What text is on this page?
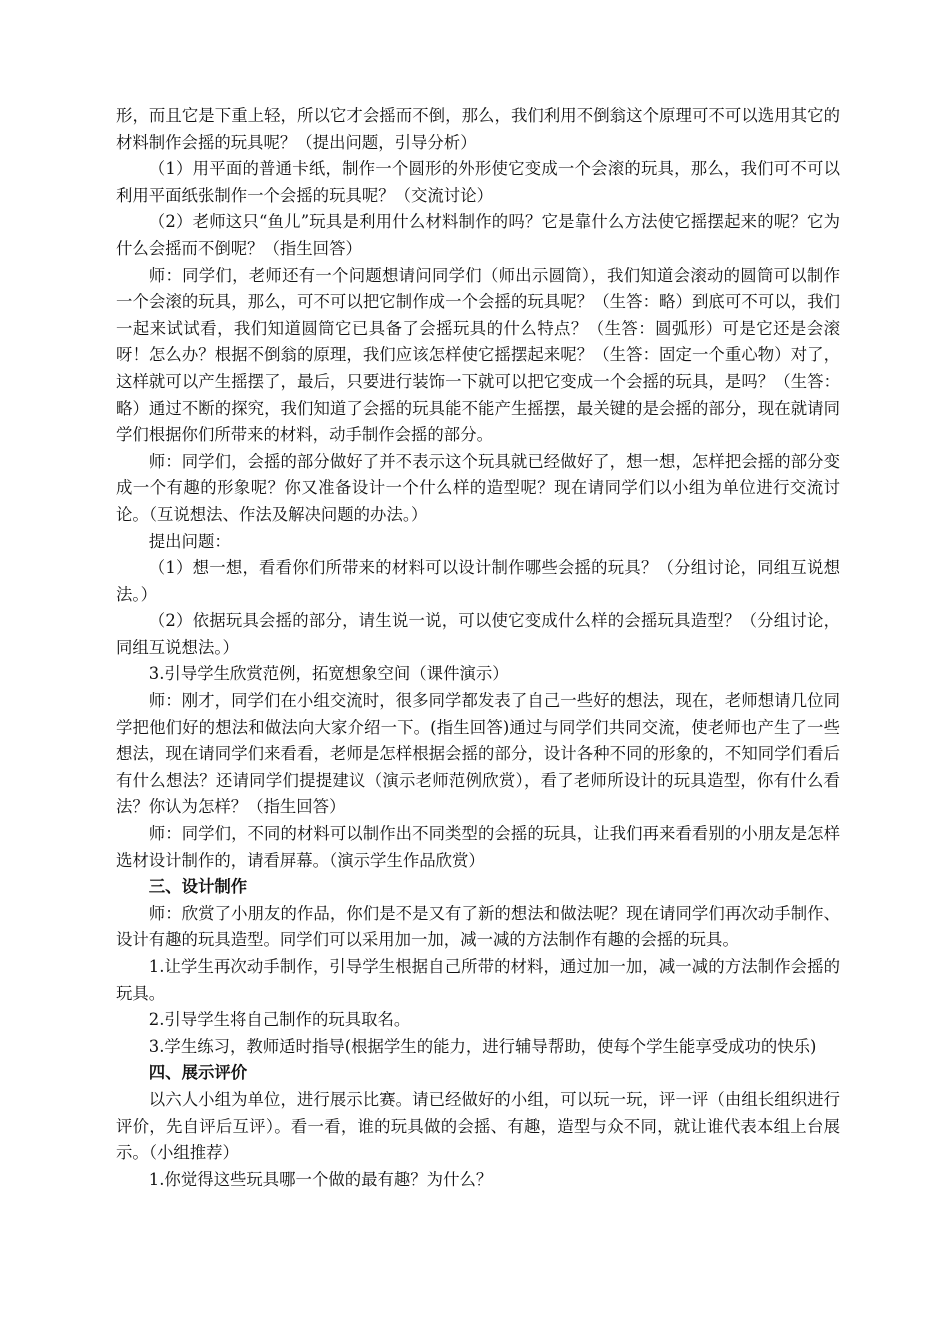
形，而且它是下重上轻，所以它才会摇而不倒，那么，我们利用不倒翁这个原理可不可以选用其它的材料制作会摇的玩具呢？（提出问题，引导分析）

（1）用平面的普通卡纸，制作一个圆形的外形使它变成一个会滚的玩具，那么，我们可不可以利用平面纸张制作一个会摇的玩具呢？（交流讨论）

（2）老师这只“鱼儿”玩具是利用什么材料制作的吗？它是靠什么方法使它摇摆起来的呢？它为什么会摇而不倒呢？（指生回答）

师：同学们，老师还有一个问题想请问同学们（师出示圆筒），我们知道会滚动的圆筒可以制作一个会滚的玩具，那么，可不可以把它制作成一个会摇的玩具呢？（生答：略）到底可不可以，我们一起来试试看，我们知道圆筒它已具备了会摇玩具的什么特点？（生答：圆弧形）可是它还是会滚呀！怎么办？根据不倒翁的原理，我们应该怎样使它摇摆起来呢？（生答：固定一个重心物）对了，这样就可以产生摇摆了，最后，只要进行装饰一下就可以把它变成一个会摇的玩具，是吗？（生答：略）通过不断的探究，我们知道了会摇的玩具能不能产生摇摆，最关键的是会摇的部分，现在就请同学们根据你们所带来的材料，动手制作会摇的部分。

师：同学们，会摇的部分做好了并不表示这个玩具就已经做好了，想一想，怎样把会摇的部分变成一个有趣的形象呢？你又准备设计一个什么样的造型呢？现在请同学们以小组为单位进行交流讨论。（互说想法、作法及解决问题的办法。）

提出问题：

（1）想一想，看看你们所带来的材料可以设计制作哪些会摇的玩具？（分组讨论，同组互说想法。）

（2）依据玩具会摇的部分，请生说一说，可以使它变成什么样的会摇玩具造型？（分组讨论，同组互说想法。）

3.引导学生欣赏范例，拓宽想象空间（课件演示）

师：刚才，同学们在小组交流时，很多同学都发表了自己一些好的想法，现在，老师想请几位同学把他们好的想法和做法向大家介绍一下。(指生回答)通过与同学们共同交流，使老师也产生了一些想法，现在请同学们来看看，老师是怎样根据会摇的部分，设计各种不同的形象的，不知同学们看后有什么想法？还请同学们提提建议（演示老师范例欣赏），看了老师所设计的玩具造型，你有什么看法？你认为怎样？（指生回答）

师：同学们，不同的材料可以制作出不同类型的会摇的玩具，让我们再来看看别的小朋友是怎样选材设计制作的，请看屏幕。（演示学生作品欣赏）

三、设计制作

师：欣赏了小朋友的作品，你们是不是又有了新的想法和做法呢？现在请同学们再次动手制作、设计有趣的玩具造型。同学们可以采用加一加，减一减的方法制作有趣的会摇的玩具。

1.让学生再次动手制作，引导学生根据自己所带的材料，通过加一加，减一减的方法制作会摇的玩具。

2.引导学生将自己制作的玩具取名。

3.学生练习，教师适时指导(根据学生的能力，进行辅导帮助，使每个学生能享受成功的快乐)

四、展示评价

以六人小组为单位，进行展示比赛。请已经做好的小组，可以玩一玩，评一评（由组长组织进行评价，先自评后互评）。看一看，谁的玩具做的会摇、有趣，造型与众不同，就让谁代表本组上台展示。（小组推荐）

1.你觉得这些玩具哪一个做的最有趣？为什么？
